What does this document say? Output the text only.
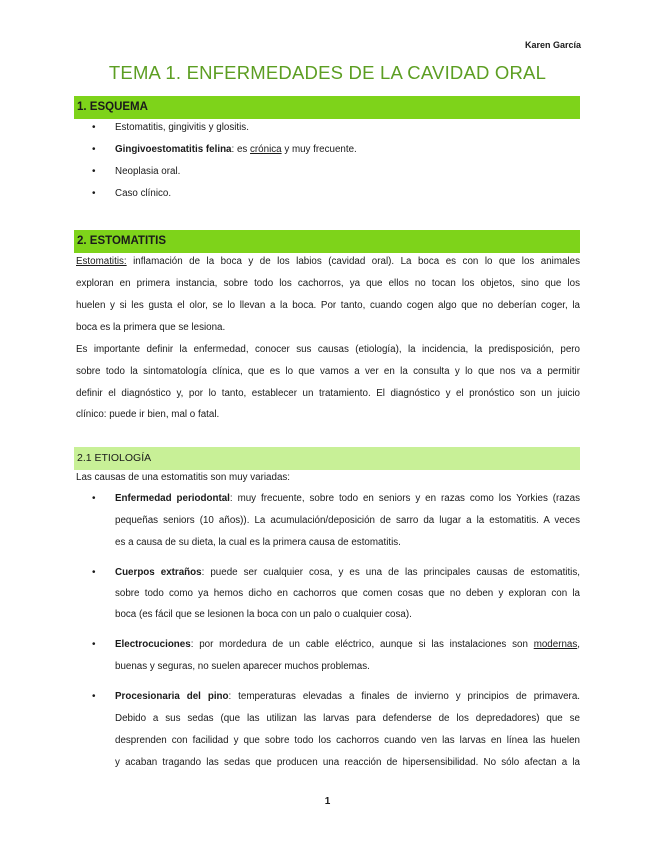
Karen García
TEMA 1. ENFERMEDADES DE LA CAVIDAD ORAL
1. ESQUEMA
• Estomatitis, gingivitis y glositis.
• Gingivoestomatitis felina: es crónica y muy frecuente.
• Neoplasia oral.
• Caso clínico.
2. ESTOMATITIS
Estomatitis: inflamación de la boca y de los labios (cavidad oral). La boca es con lo que los animales
exploran en primera instancia, sobre todo los cachorros, ya que ellos no tocan los objetos, sino que los
huelen y si les gusta el olor, se lo llevan a la boca. Por tanto, cuando cogen algo que no deberían coger, la
boca es la primera que se lesiona.
Es importante definir la enfermedad, conocer sus causas (etiología), la incidencia, la predisposición, pero
sobre todo la sintomatología clínica, que es lo que vamos a ver en la consulta y lo que nos va a permitir
definir el diagnóstico y, por lo tanto, establecer un tratamiento. El diagnóstico y el pronóstico son un juicio
clínico: puede ir bien, mal o fatal.
2.1 ETIOLOGÍA
Las causas de una estomatitis son muy variadas:
• Enfermedad periodontal: muy frecuente, sobre todo en seniors y en razas como los Yorkies (razas
pequeñas seniors (10 años)). La acumulación/deposición de sarro da lugar a la estomatitis. A veces
es a causa de su dieta, la cual es la primera causa de estomatitis.
• Cuerpos extraños: puede ser cualquier cosa, y es una de las principales causas de estomatitis,
sobre todo como ya hemos dicho en cachorros que comen cosas que no deben y exploran con la
boca (es fácil que se lesionen la boca con un palo o cualquier cosa).
• Electrocuciones: por mordedura de un cable eléctrico, aunque si las instalaciones son modernas,
buenas y seguras, no suelen aparecer muchos problemas.
• Procesionaria del pino: temperaturas elevadas a finales de invierno y principios de primavera.
Debido a sus sedas (que las utilizan las larvas para defenderse de los depredadores) que se
desprenden con facilidad y que sobre todo los cachorros cuando ven las larvas en línea las huelen
y acaban tragando las sedas que producen una reacción de hipersensibilidad. No sólo afectan a la
1
